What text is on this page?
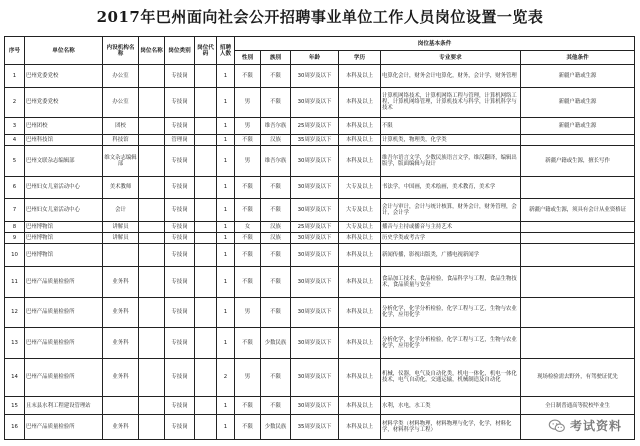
2017年巴州面向社会公开招聘事业单位工作人员岗位设置一览表
序号	单位名称	内设机构名称	岗位名称	岗位类别	岗位代码	招聘人数	岗位基本条件					
							性别	族别	年龄	学历	专业要求	其他条件
1	巴州党委党校	办公室		专技岗		1	不限	不限	30周岁及以下	本科及以上	电算化会计，财务会计电算化，财务，会计学，财务管理	新疆户籍或生源
2	巴州党委党校	办公室		专技岗		1	男	不限	30周岁及以下	本科及以上	计算机网络技术，计算机网络工程与管理，计算机网络工程，计算机网络管理，计算机技术与科学，计算机科学与技术	新疆户籍或生源
3	巴州团校	团校		专技岗		1	男	维吾尔族	25周岁及以下	本科及以上	不限	新疆户籍或生源
4	巴州科技馆	科技馆		管理岗		1	不限	汉族	35周岁及以下	本科及以上	计算机类，物理类，化学类	
5	巴州文联杂志编辑部	维文杂志编辑部		专技岗		1	男	维吾尔族	30周岁及以下	本科及以上	维吾尔语言文学，少数民族语言文学，维汉翻译，编辑出版学，版面编辑与设计	新疆户籍或生源，擅长写作
6	巴州妇女儿童活动中心	美术教师		专技岗		1	不限	不限	30周岁及以下	大专及以上	书法学，中国画，美术绘画，美术教育，美术学	
7	巴州妇女儿童活动中心	会计		专技岗		1	不限	不限	30周岁及以下	大专及以上	会计与审计，会计与统计核算，财务会计，财务管理，会计，会计学	新疆户籍或生源，须具有会计从业资格证
8	巴州博物馆	讲解员		专技岗		1	女	汉族	25周岁及以下	大专及以上	播音与主持或播音与主持艺术	
9	巴州博物馆	讲解员		专技岗		1	不限	汉族	30周岁及以下	本科及以上	历史学类或考古学	
10	巴州博物馆			专技岗		1	不限	不限	30周岁及以下	本科及以上	新闻传播，影视出版类，广播电视新闻学	
11	巴州产品质量检验所	业务科		专技岗		1	不限	不限	30周岁及以下	本科及以上	食品加工技术，食品检验，食品科学与工程，食品生物技术，食品质量与安全	
12	巴州产品质量检验所	业务科		专技岗		1	男	不限	30周岁及以下	本科及以上	分析化学，化学分析检验，化学工程与工艺，生物与农业化学，应用化学	
13	巴州产品质量检验所	业务科		专技岗		1	不限	少数民族	30周岁及以下	本科及以上	分析化学，化学分析检验，化学工程与工艺，生物与农业化学，应用化学	
14	巴州产品质量检验所	业务科		专技岗		2	男	不限	30周岁及以下	本科及以上	机械，仪器，电气及自动化类，机电一体化，机电一体化技术，电气自动化，交通运输，机械制造及自动化	现场检验需去野外，有驾驶证优先
15	且末县水利工程建设管理站			专技岗		1	不限	不限	30周岁及以下	本科及以上	水利，水电，水工类	全日制普通高等院校毕业生
16	巴州产品质量检验所	业务科		专技岗		1	不限	少数民族	35周岁及以下	本科及以上	材料学类（材料物理，材料物理与化学，化学，材料化学，材料科学与工程）		考试资料
